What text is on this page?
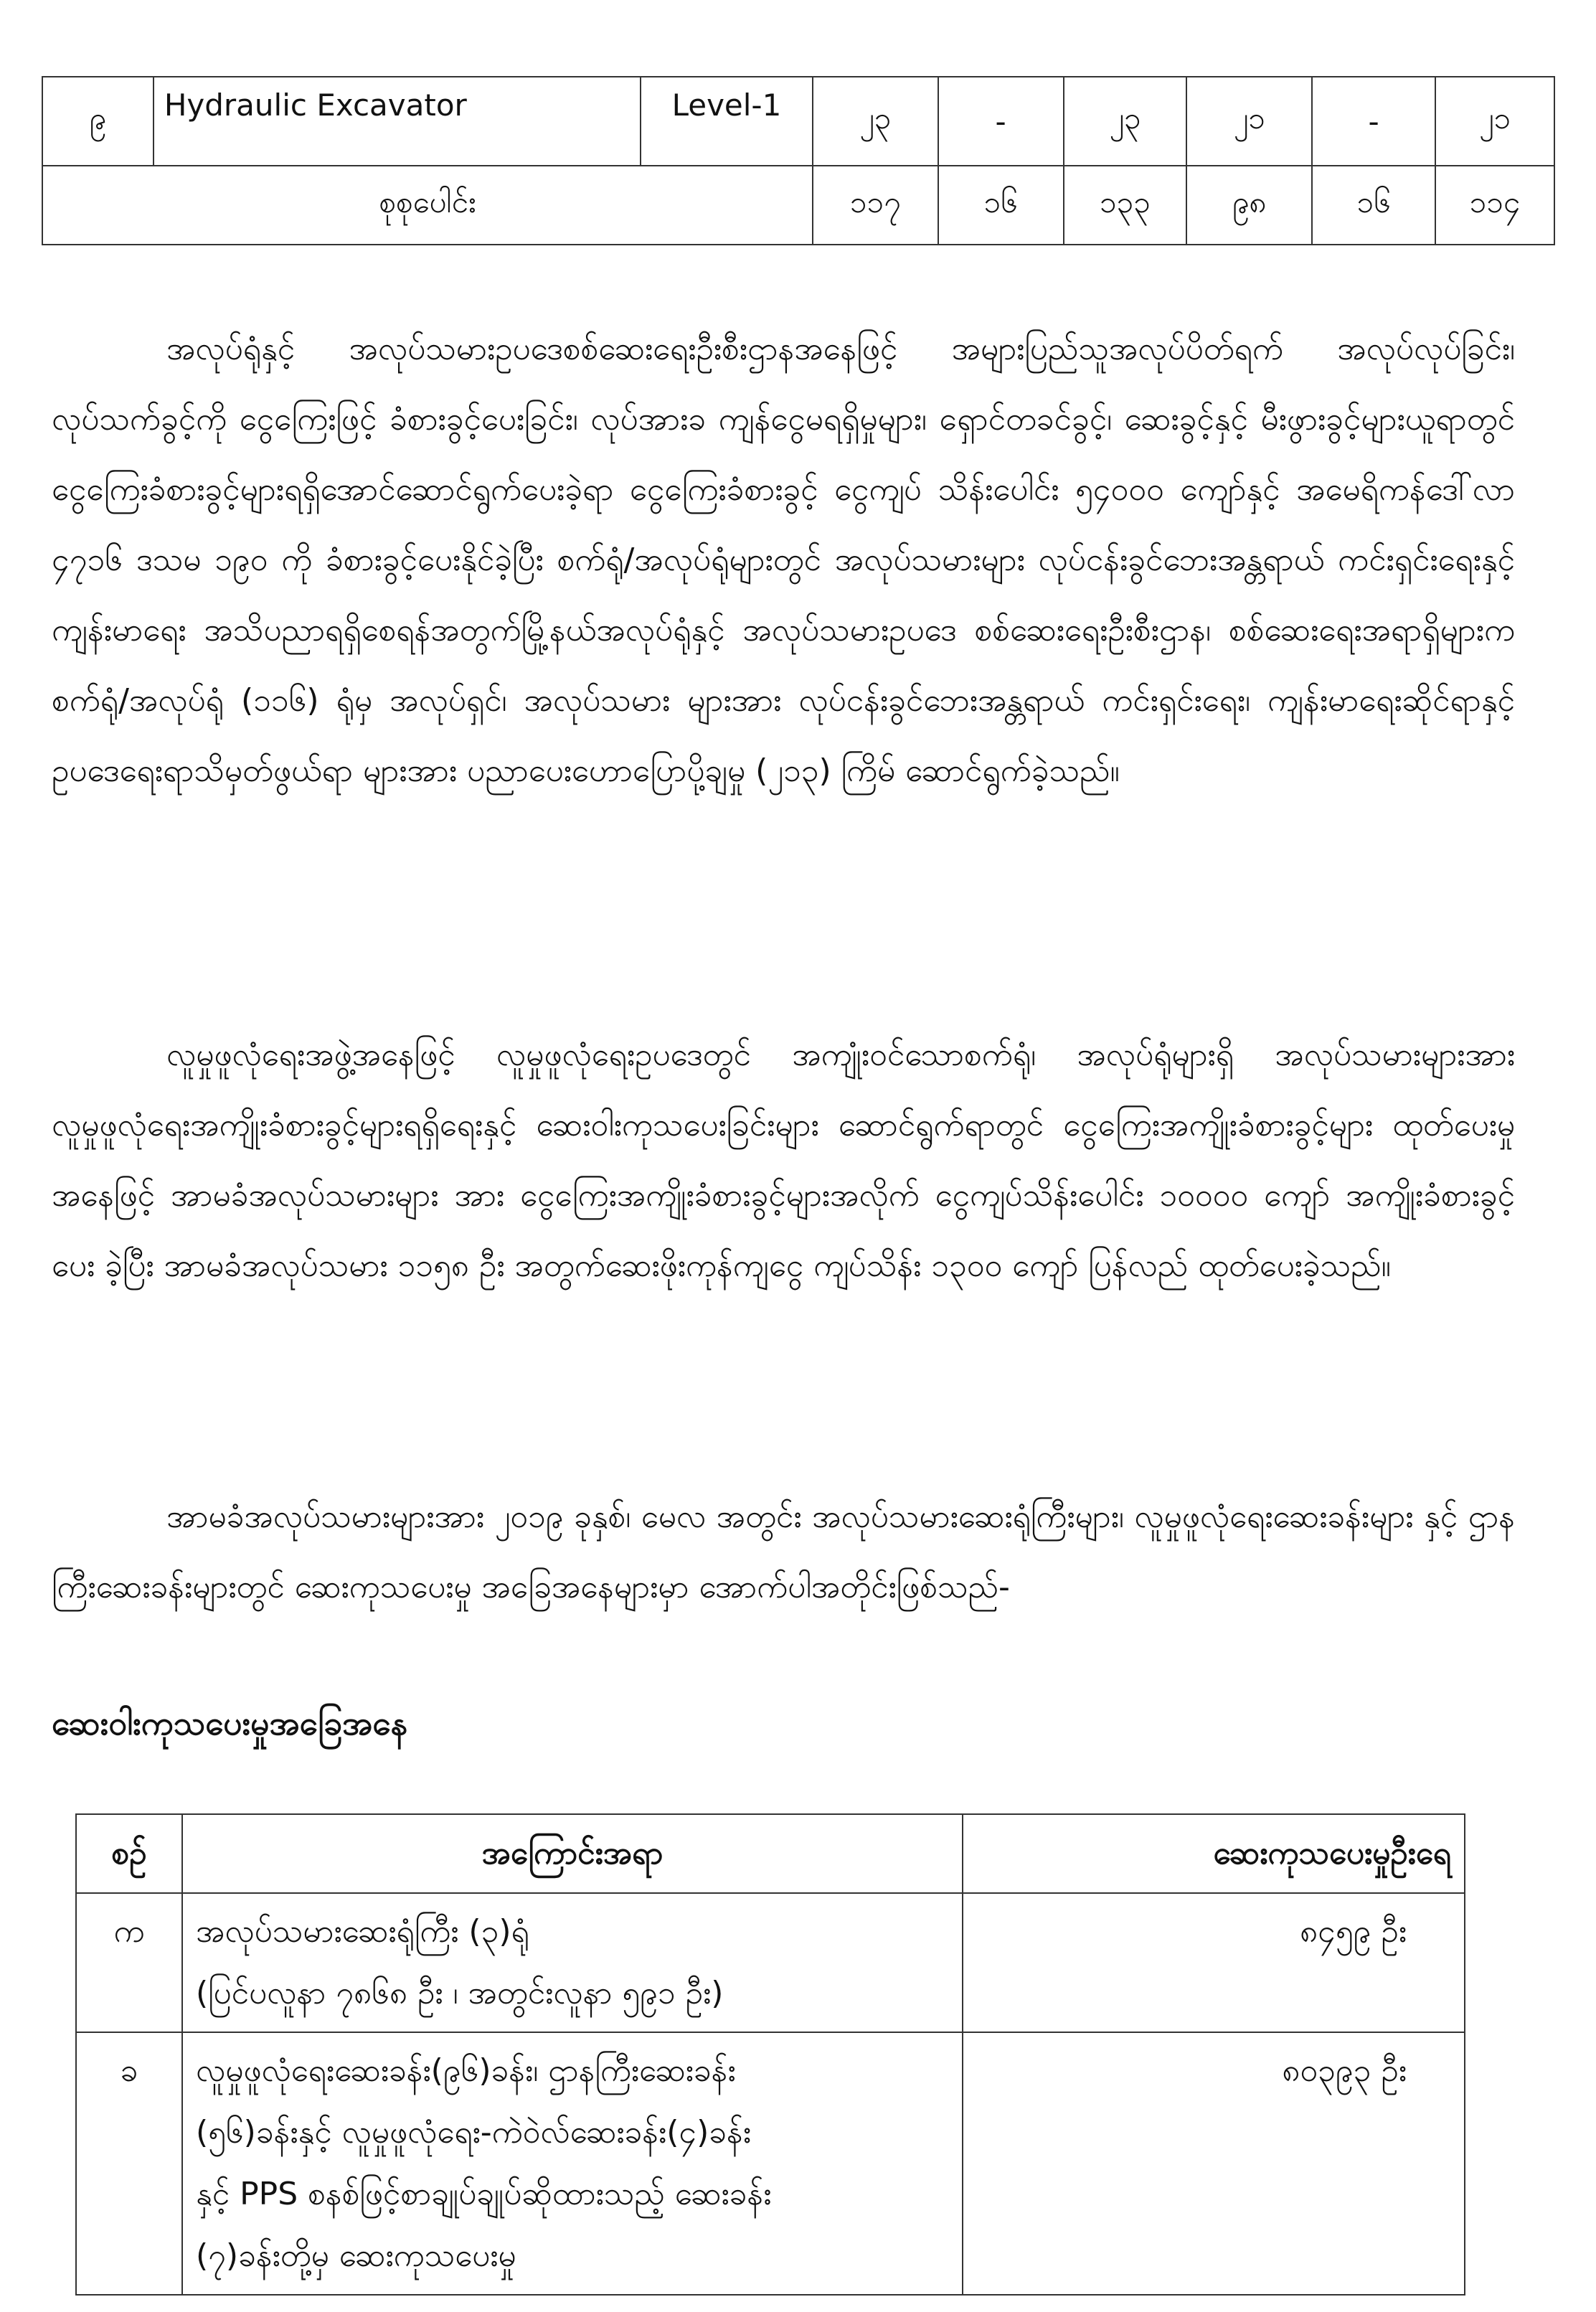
၉	Hydraulic Excavator	Level-1	၂၃	-	၂၃	၂၁	-	၂၁
စုစုပေါင်း			၁၁၇	၁၆	၁၃၃	၉၈	၁၆	၁၁၄

အလုပ်ရုံနှင့် အလုပ်သမားဥပဒေစစ်ဆေးရေးဦးစီးဌာနအနေဖြင့် အများပြည်သူအလုပ်ပိတ်ရက် အလုပ်လုပ်ခြင်း၊ လုပ်သက်ခွင့်ကို ငွေကြေးဖြင့် ခံစားခွင့်ပေးခြင်း၊ လုပ်အားခ ကျန်ငွေမရရှိမှုများ၊ ရှောင်တခင်ခွင့်၊ ဆေးခွင့်နှင့် မီးဖွားခွင့်များယူရာတွင် ငွေကြေးခံစားခွင့်များရရှိအောင်ဆောင်ရွက်ပေးခဲ့ရာ ငွေကြေးခံစားခွင့် ငွေကျပ် သိန်းပေါင်း ၅၄၀၀၀ ကျော်နှင့် အမေရိကန်ဒေါ်လာ ၄၇၁၆ ဒသမ ၁၉၀ ကို ခံစားခွင့်ပေးနိုင်ခဲ့ပြီး စက်ရုံ/အလုပ်ရုံများတွင် အလုပ်သမားများ လုပ်ငန်းခွင်ဘေးအန္တရာယ် ကင်းရှင်းရေးနှင့်ကျန်းမာရေး အသိပညာရရှိစေရန်အတွက်မြို့နယ်အလုပ်ရုံနှင့် အလုပ်သမားဥပဒေ စစ်ဆေးရေးဦးစီးဌာန၊ စစ်ဆေးရေးအရာရှိများက စက်ရုံ/အလုပ်ရုံ (၁၁၆) ရုံမှ အလုပ်ရှင်၊ အလုပ်သမား များအား လုပ်ငန်းခွင်ဘေးအန္တရာယ် ကင်းရှင်းရေး၊ ကျန်းမာရေးဆိုင်ရာနှင့် ဥပဒေရေးရာသိမှတ်ဖွယ်ရာ များအား ပညာပေးဟောပြောပို့ချမှု (၂၁၃) ကြိမ် ဆောင်ရွက်ခဲ့သည်။

လူမှုဖူလုံရေးအဖွဲ့အနေဖြင့် လူမှုဖူလုံရေးဥပဒေတွင် အကျုံးဝင်သောစက်ရုံ၊ အလုပ်ရုံများရှိ အလုပ်သမားများအား လူမှုဖူလုံရေးအကျိုးခံစားခွင့်များရရှိရေးနှင့် ဆေးဝါးကုသပေးခြင်းများ ဆောင်ရွက်ရာတွင် ငွေကြေးအကျိုးခံစားခွင့်များ ထုတ်ပေးမှုအနေဖြင့် အာမခံအလုပ်သမားများ အား ငွေကြေးအကျိုးခံစားခွင့်များအလိုက် ငွေကျပ်သိန်းပေါင်း ၁၀၀၀၀ ကျော် အကျိုးခံစားခွင့်ပေး ခဲ့ပြီး အာမခံအလုပ်သမား ၁၁၅၈ ဦး အတွက်ဆေးဖိုးကုန်ကျငွေ ကျပ်သိန်း ၁၃၀၀ ကျော် ပြန်လည် ထုတ်ပေးခဲ့သည်။

အာမခံအလုပ်သမားများအား ၂၀၁၉ ခုနှစ်၊ မေလ အတွင်း အလုပ်သမားဆေးရုံကြီးများ၊ လူမှုဖူလုံရေးဆေးခန်းများ နှင့် ဌာနကြီးဆေးခန်းများတွင် ဆေးကုသပေးမှု အခြေအနေများမှာ အောက်ပါအတိုင်းဖြစ်သည်-

ဆေးဝါးကုသပေးမှုအခြေအနေ
စဉ်	အကြောင်းအရာ	ဆေးကုသပေးမှုဦးရေ
က	အလုပ်သမားဆေးရုံကြီး (၃)ရုံ
(ပြင်ပလူနာ ၇၈၆၈ ဦး ၊ အတွင်းလူနာ ၅၉၁ ဦး)	၈၄၅၉ ဦး
ခ	လူမှုဖူလုံရေးဆေးခန်း(၉၆)ခန်း၊ ဌာနကြီးဆေးခန်း
(၅၆)ခန်းနှင့် လူမှုဖူလုံရေး-ကဲဝဲလ်ဆေးခန်း(၄)ခန်း
နှင့် PPS စနစ်ဖြင့်စာချုပ်ချုပ်ဆိုထားသည့် ဆေးခန်း
(၇)ခန်းတို့မှ ဆေးကုသပေးမှု	၈၀၃၉၃ ဦး
